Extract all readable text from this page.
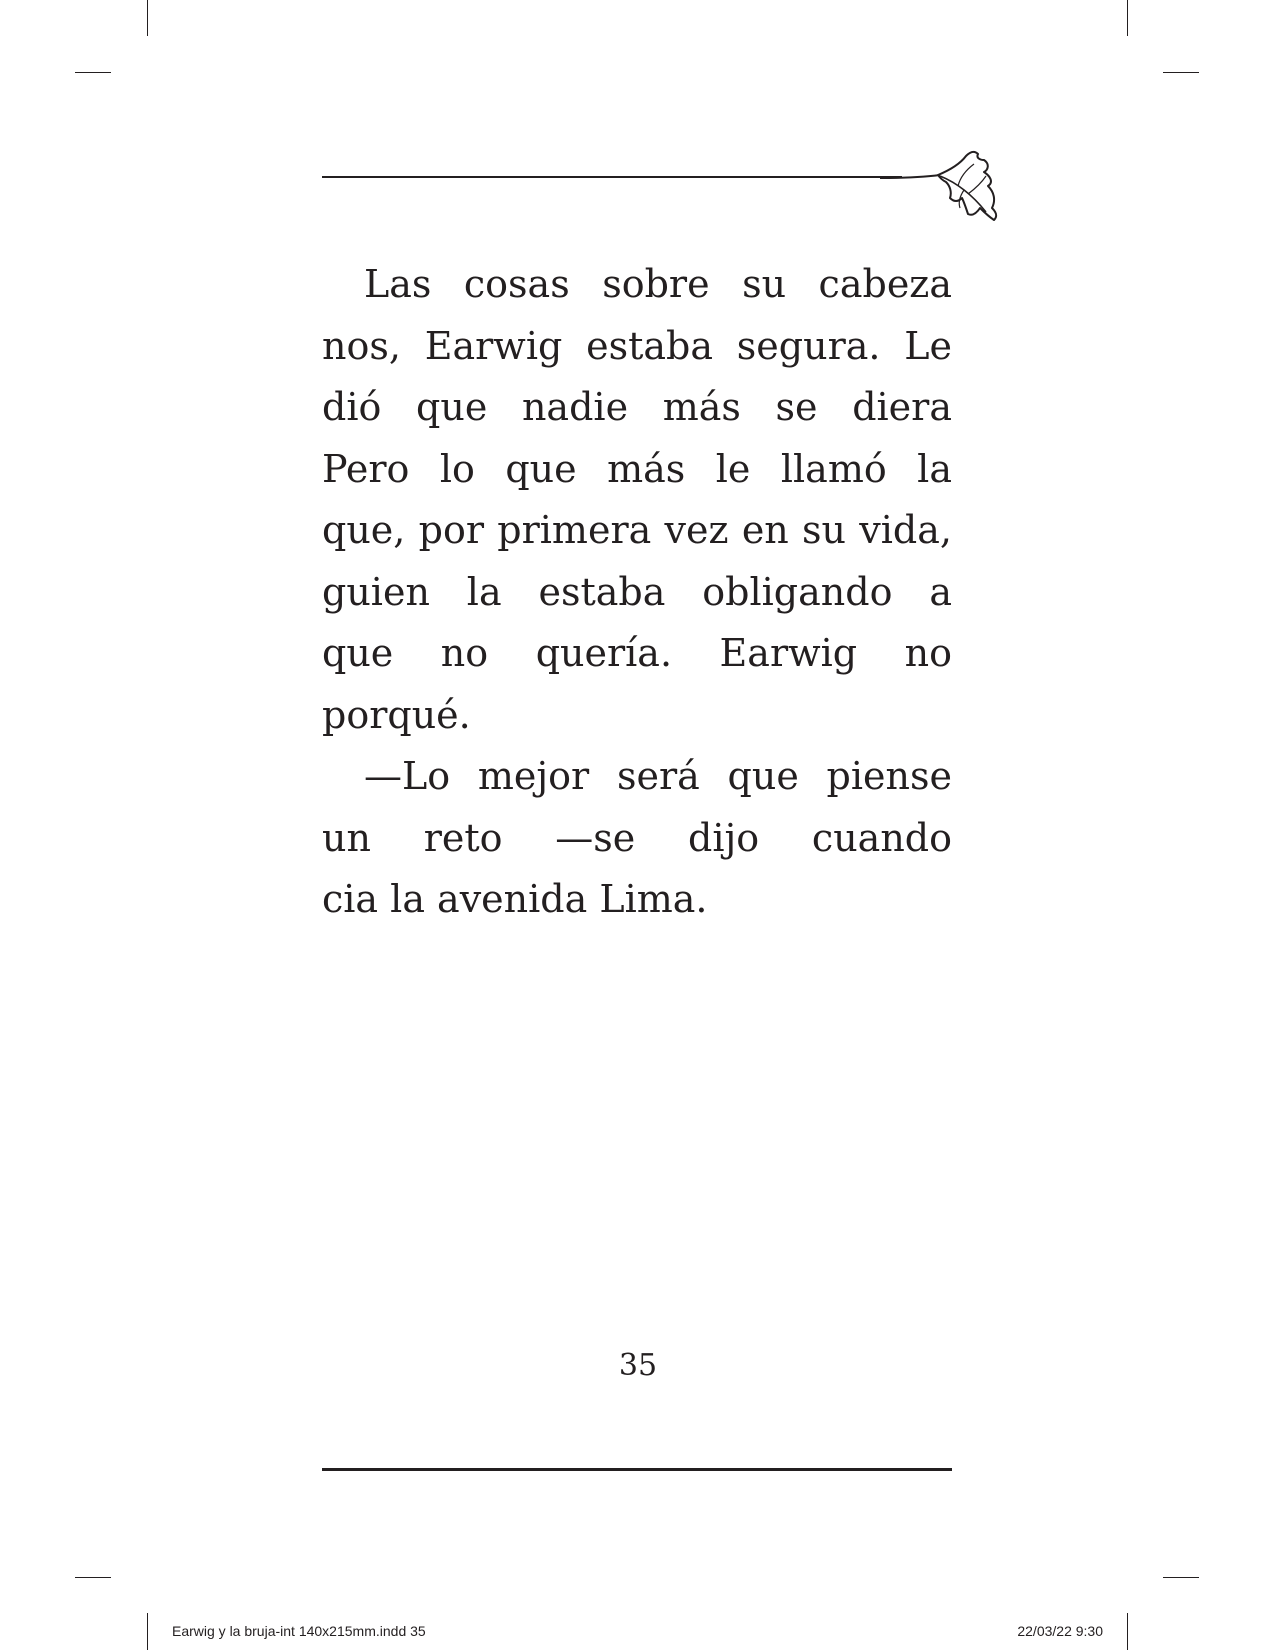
Las cosas sobre su cabeza
nos, Earwig estaba segura. Le
dió que nadie más se diera
Pero lo que más le llamó la
que, por primera vez en su vida,
guien la estaba obligando a
que no quería. Earwig no
porqué.
—Lo mejor será que piense
un reto —se dijo cuando
cia la avenida Lima.
35
Earwig y la bruja-int 140x215mm.indd 35	22/03/22 9:30
